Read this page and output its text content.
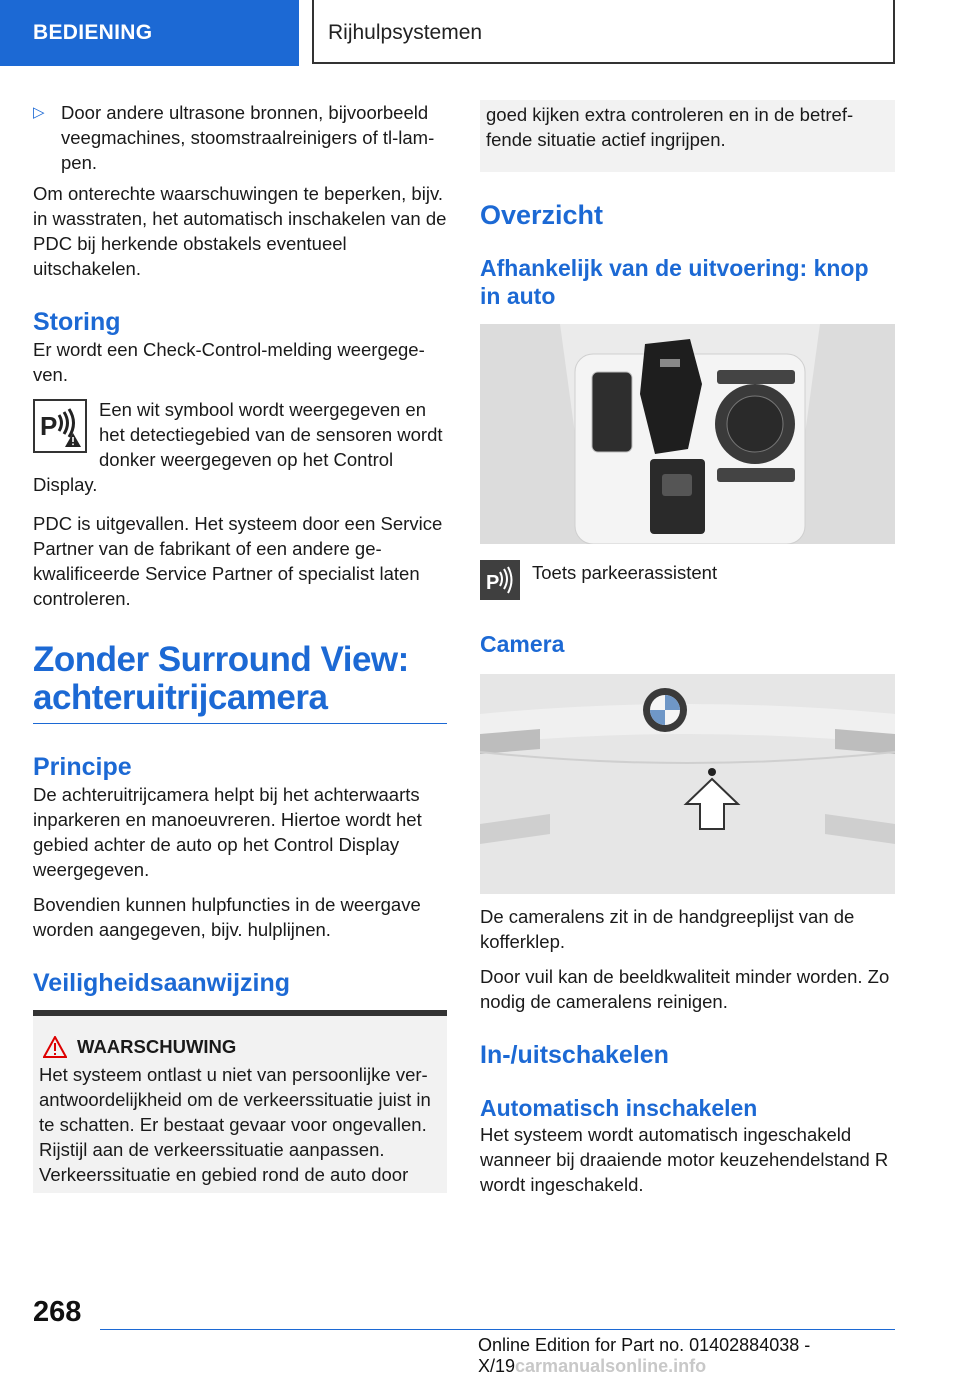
BEDIENING	Rijhulpsystemen
▷ Door andere ultrasone bronnen, bijvoorbeeld veegmachines, stoomstraalreinigers of tl-lampen.

Om onterechte waarschuwingen te beperken, bijv. in wasstraten, het automatisch inschakelen van de PDC bij herkende obstakels eventueel uitschakelen.

Storing

Er wordt een Check-Control-melding weergegeven.

P
Een wit symbool wordt weergegeven en het detectiegebied van de sensoren wordt donker weergegeven op het Control Display.

PDC is uitgevallen. Het systeem door een Service Partner van de fabrikant of een andere gekwalificeerde Service Partner of specialist laten controleren.

Zonder Surround View: achteruitrijcamera
Principe

De achteruitrijcamera helpt bij het achterwaarts inparkeren en manoeuvreren. Hiertoe wordt het gebied achter de auto op het Control Display weergegeven.

Bovendien kunnen hulpfuncties in de weergave worden aangegeven, bijv. hulplijnen.

Veiligheidsaanwijzing
WAARSCHUWING

Het systeem ontlast u niet van persoonlijke verantwoordelijkheid om de verkeerssituatie juist in te schatten. Er bestaat gevaar voor ongevallen. Rijstijl aan de verkeerssituatie aanpassen. Verkeerssituatie en gebied rond de auto door

goed kijken extra controleren en in de betreffende situatie actief ingrijpen.

Overzicht
Afhankelijk van de uitvoering: knop in auto
P Toets parkeerassistent
Camera

De cameralens zit in de handgreeplijst van de kofferklep.

Door vuil kan de beeldkwaliteit minder worden. Zo nodig de cameralens reinigen.

In-/uitschakelen
Automatisch inschakelen

Het systeem wordt automatisch ingeschakeld wanneer bij draaiende motor keuzehendelstand R wordt ingeschakeld.

268
Online Edition for Part no. 01402884038 - X/19carmanualsonline.info
